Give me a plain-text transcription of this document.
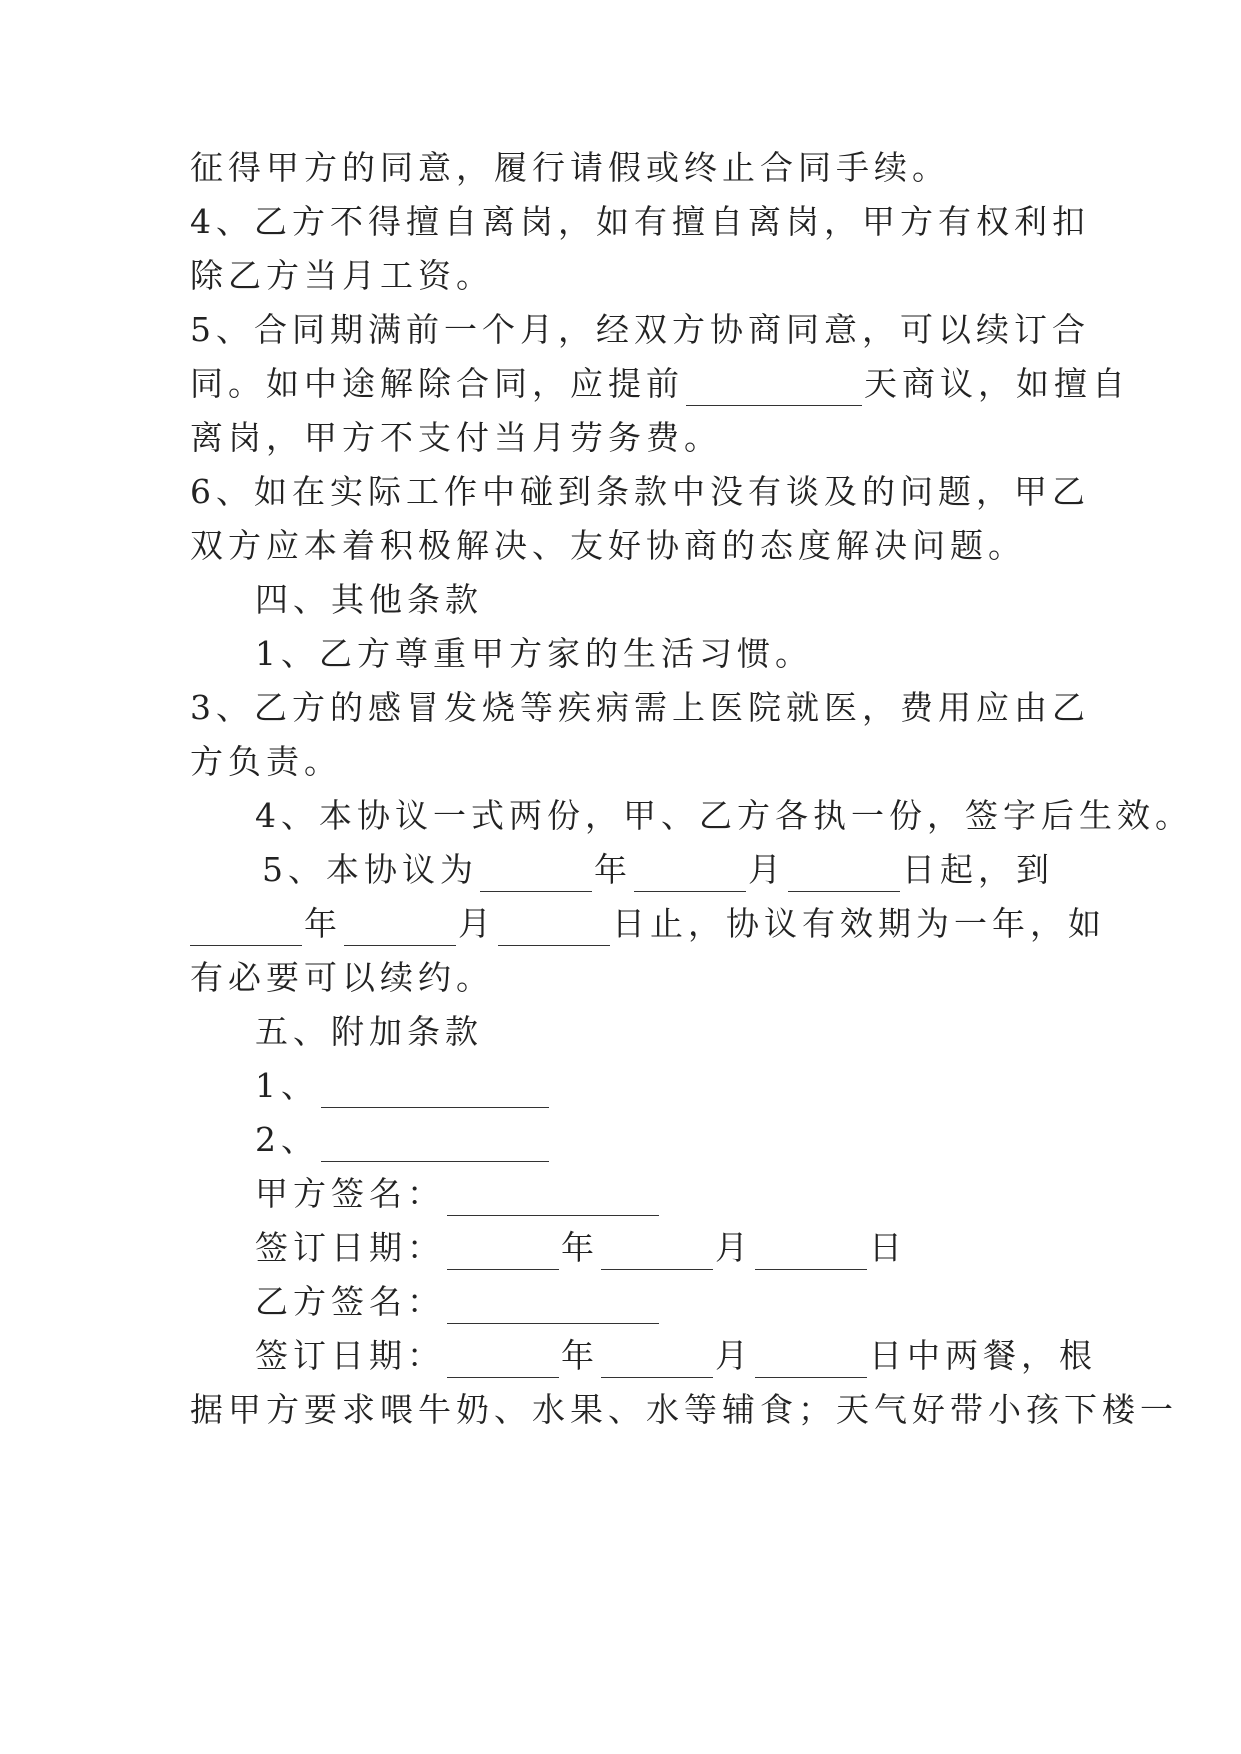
征得甲方的同意，履行请假或终止合同手续。
4、乙方不得擅自离岗，如有擅自离岗，甲方有权利扣
除乙方当月工资。
5、合同期满前一个月，经双方协商同意，可以续订合
同。如中途解除合同，应提前	天商议，如擅自
离岗，甲方不支付当月劳务费。
6、如在实际工作中碰到条款中没有谈及的问题，甲乙
双方应本着积极解决、友好协商的态度解决问题。
四、其他条款
1、乙方尊重甲方家的生活习惯。
3、乙方的感冒发烧等疾病需上医院就医，费用应由乙
方负责。
4、本协议一式两份，甲、乙方各执一份，签字后生效。
5、本协议为	年	月	日起，到
年	月	日止，协议有效期为一年，如
有必要可以续约。
五、附加条款
1、
2、
甲方签名：
签订日期：	年	月	日
乙方签名：
签订日期：	年	月	日中两餐，根
据甲方要求喂牛奶、水果、水等辅食；天气好带小孩下楼一
